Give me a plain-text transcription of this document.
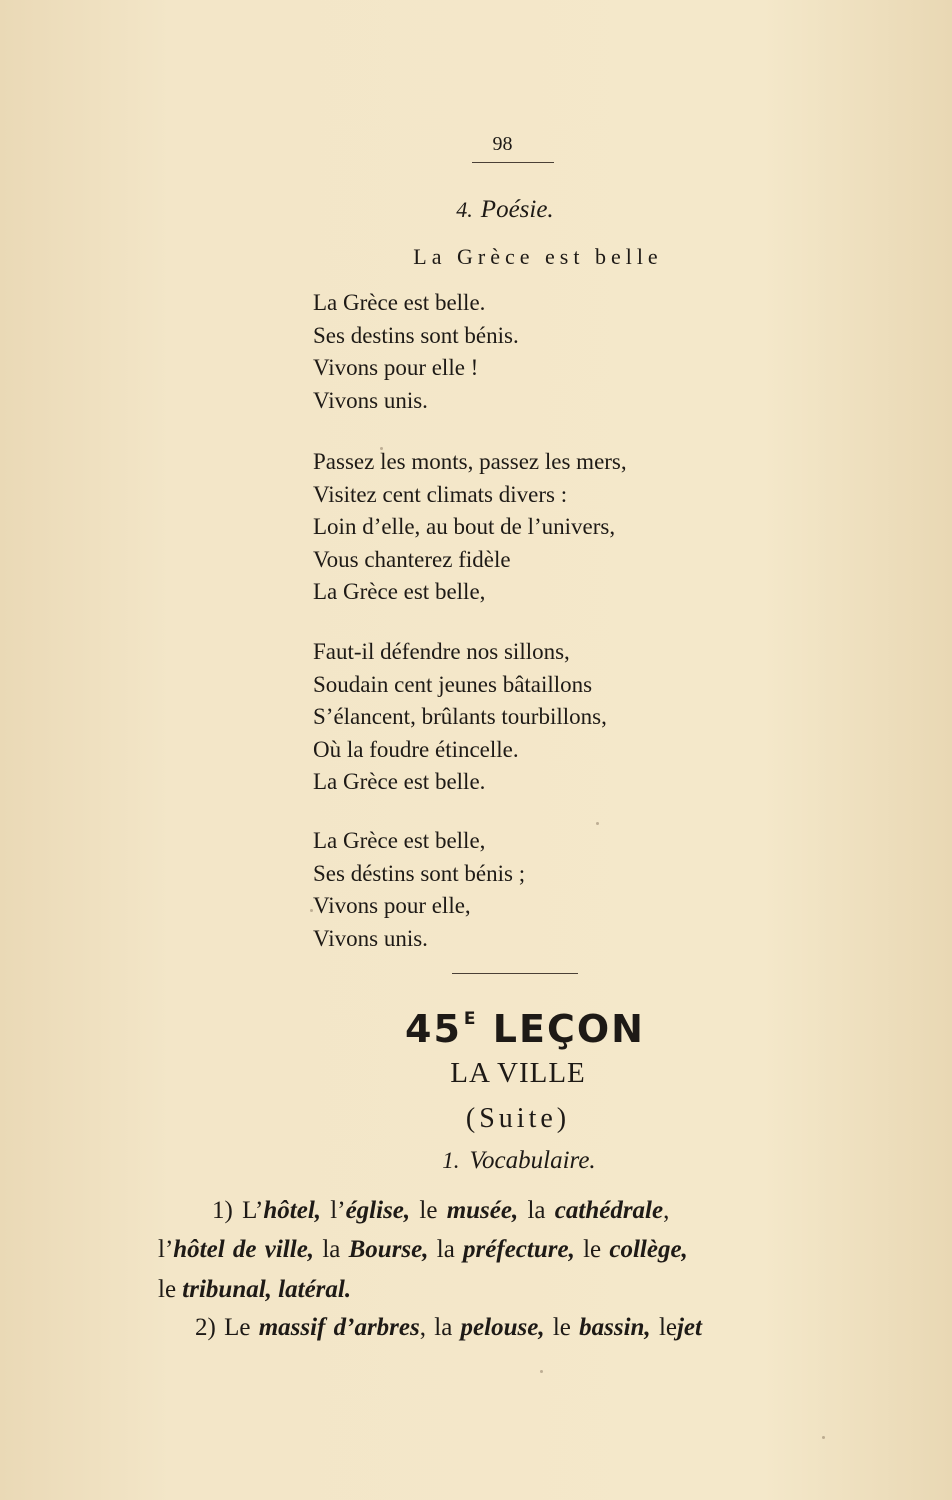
98
4. Poésie.
La Grèce est belle
La Grèce est belle.
Ses destins sont bénis.
Vivons pour elle !
Vivons unis.
Passez les monts, passez les mers,
Visitez cent climats divers :
Loin d’elle, au bout de l’univers,
Vous chanterez fidèle
La Grèce est belle,
Faut-il défendre nos sillons,
Soudain cent jeunes bâtaillons
S’élancent, brûlants tourbillons,
Où la foudre étincelle.
La Grèce est belle.
La Grèce est belle,
Ses déstins sont bénis ;
Vivons pour elle,
Vivons unis.
45 $^E$ LEÇON
LA VILLE
(Suite)
1. Vocabulaire.
1) L’hôtel, l’église, le musée, la cathédrale,
l’hôtel de ville, la Bourse, la préfecture, le collège,
le tribunal, latéral.
2) Le massif d’arbres, la pelouse, le bassin, lejet
